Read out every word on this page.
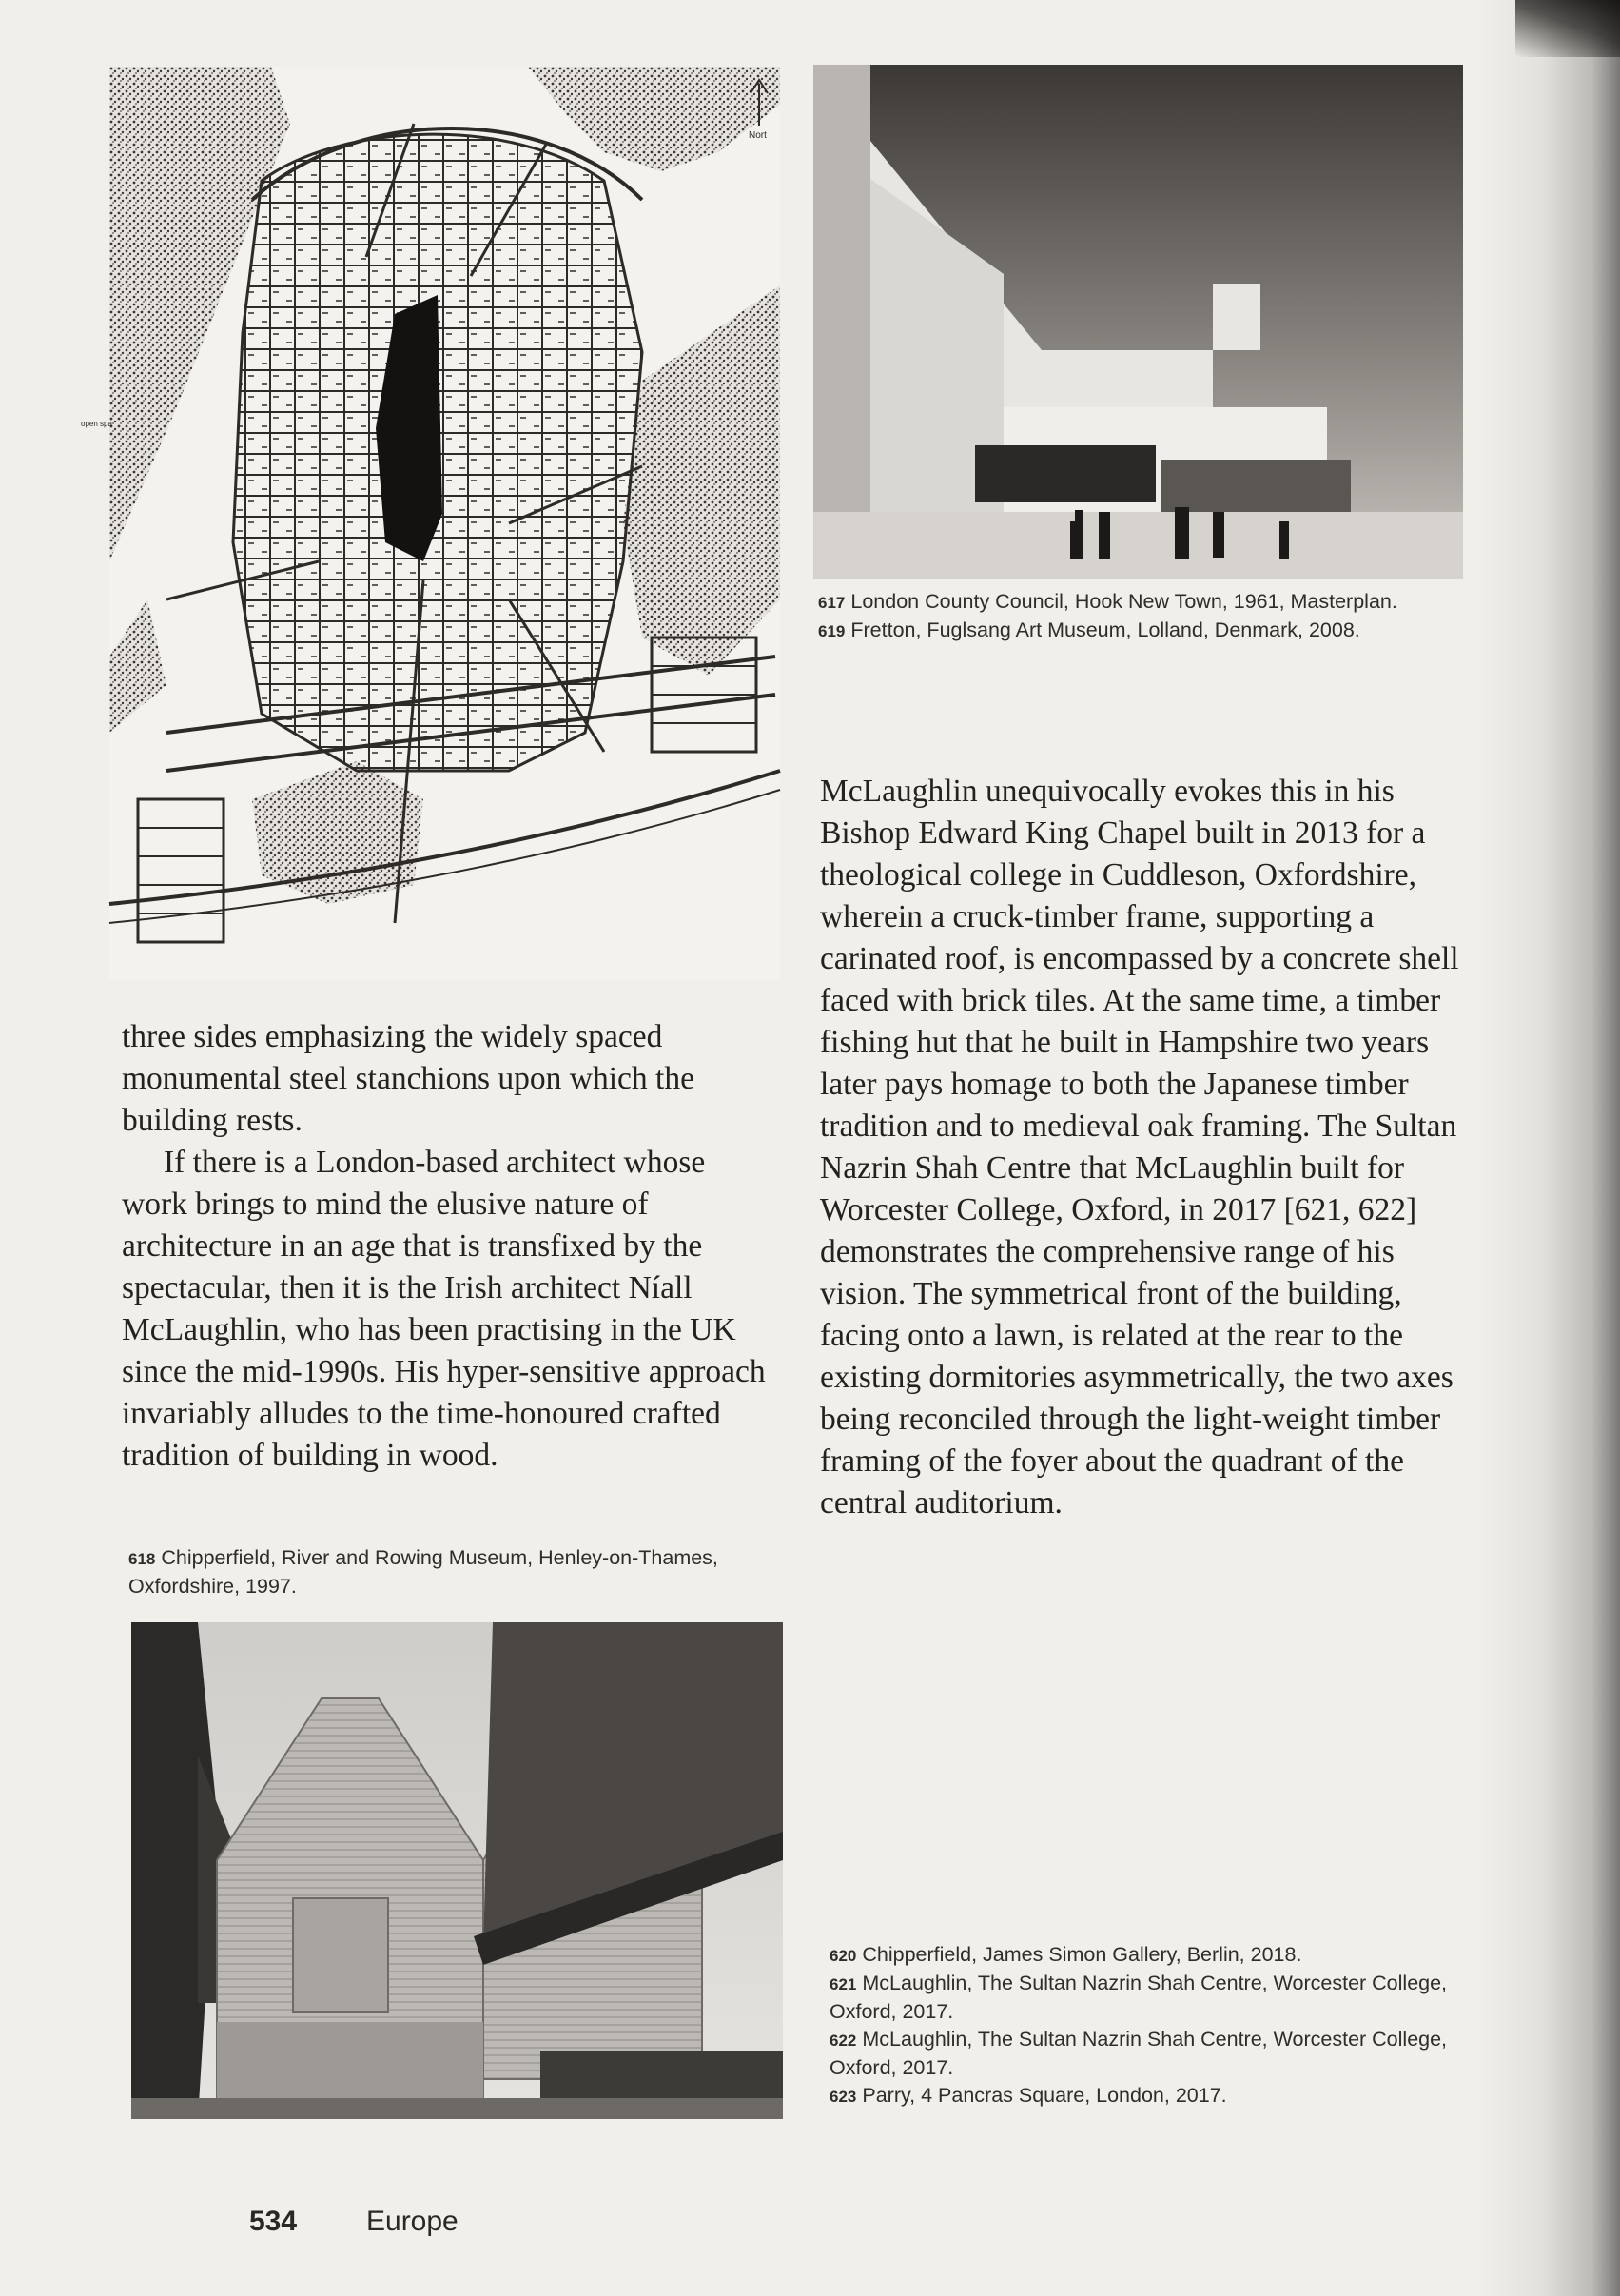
Nort
open spa

617 London County Council, Hook New Town, 1961, Masterplan.

619 Fretton, Fuglsang Art Museum, Lolland, Denmark, 2008.

McLaughlin unequivocally evokes this in his Bishop Edward King Chapel built in 2013 for a theological college in Cuddleson, Oxfordshire, wherein a cruck-timber frame, supporting a carinated roof, is encompassed by a concrete shell faced with brick tiles. At the same time, a timber fishing hut that he built in Hampshire two years later pays homage to both the Japanese timber tradition and to medieval oak framing. The Sultan Nazrin Shah Centre that McLaughlin built for Worcester College, Oxford, in 2017 [621, 622] demonstrates the comprehensive range of his vision. The symmetrical front of the building, facing onto a lawn, is related at the rear to the existing dormitories asymmetrically, the two axes being reconciled through the light-weight timber framing of the foyer about the quadrant of the central auditorium.

three sides emphasizing the widely spaced monumental steel stanchions upon which the building rests.

If there is a London-based architect whose work brings to mind the elusive nature of architecture in an age that is transfixed by the spectacular, then it is the Irish architect Níall McLaughlin, who has been practising in the UK since the mid-1990s. His hyper-sensitive approach invariably alludes to the time-honoured crafted tradition of building in wood.

618 Chipperfield, River and Rowing Museum, Henley-on-Thames, Oxfordshire, 1997.

620 Chipperfield, James Simon Gallery, Berlin, 2018.

621 McLaughlin, The Sultan Nazrin Shah Centre, Worcester College, Oxford, 2017.

622 McLaughlin, The Sultan Nazrin Shah Centre, Worcester College, Oxford, 2017.

623 Parry, 4 Pancras Square, London, 2017.

534 Europe
